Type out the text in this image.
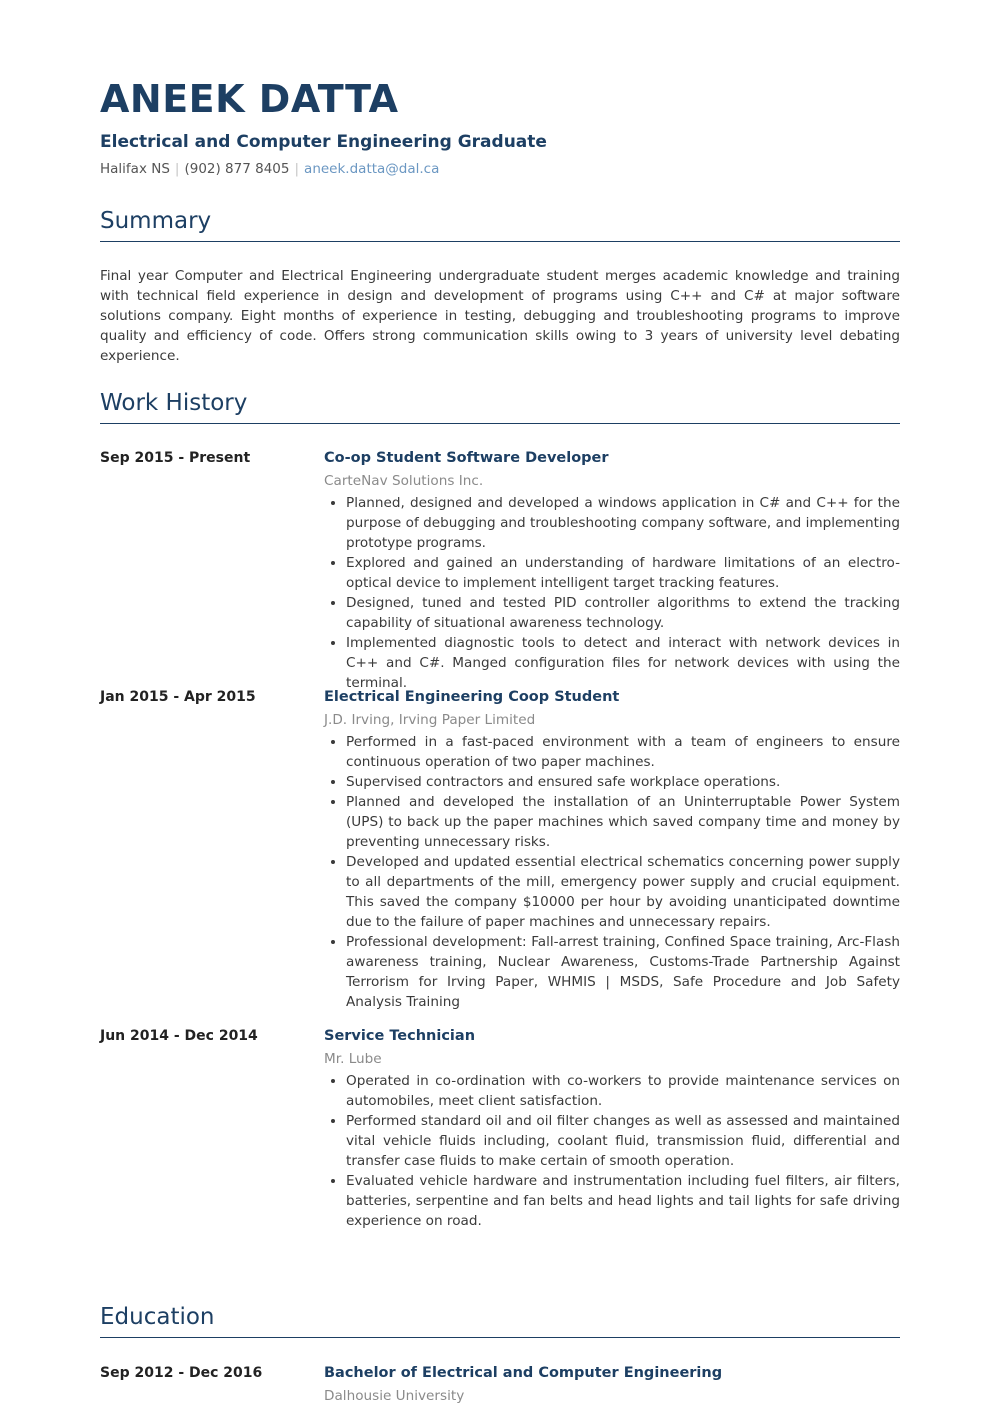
ANEEK DATTA
Electrical and Computer Engineering Graduate
Halifax NS | (902) 877 8405 | aneek.datta@dal.ca
Summary
Final year Computer and Electrical Engineering undergraduate student merges academic knowledge and training with technical field experience in design and development of programs using C++ and C# at major software solutions company. Eight months of experience in testing, debugging and troubleshooting programs to improve quality and efficiency of code. Offers strong communication skills owing to 3 years of university level debating experience.
Work History
Sep 2015 - Present	Co-op Student Software Developer
CarteNav Solutions Inc.
• Planned, designed and developed a windows application in C# and C++ for the purpose of debugging and troubleshooting company software, and implementing prototype programs.
• Explored and gained an understanding of hardware limitations of an electro-optical device to implement intelligent target tracking features.
• Designed, tuned and tested PID controller algorithms to extend the tracking capability of situational awareness technology.
• Implemented diagnostic tools to detect and interact with network devices in C++ and C#. Manged configuration files for network devices with using the terminal.
Jan 2015 - Apr 2015	Electrical Engineering Coop Student
J.D. Irving, Irving Paper Limited
• Performed in a fast-paced environment with a team of engineers to ensure continuous operation of two paper machines.
• Supervised contractors and ensured safe workplace operations.
• Planned and developed the installation of an Uninterruptable Power System (UPS) to back up the paper machines which saved company time and money by preventing unnecessary risks.
• Developed and updated essential electrical schematics concerning power supply to all departments of the mill, emergency power supply and crucial equipment. This saved the company $10000 per hour by avoiding unanticipated downtime due to the failure of paper machines and unnecessary repairs.
• Professional development: Fall-arrest training, Confined Space training, Arc-Flash awareness training, Nuclear Awareness, Customs-Trade Partnership Against Terrorism for Irving Paper, WHMIS | MSDS, Safe Procedure and Job Safety Analysis Training
Jun 2014 - Dec 2014	Service Technician
Mr. Lube
• Operated in co-ordination with co-workers to provide maintenance services on automobiles, meet client satisfaction.
• Performed standard oil and oil filter changes as well as assessed and maintained vital vehicle fluids including, coolant fluid, transmission fluid, differential and transfer case fluids to make certain of smooth operation.
• Evaluated vehicle hardware and instrumentation including fuel filters, air filters, batteries, serpentine and fan belts and head lights and tail lights for safe driving experience on road.
Education
Sep 2012 - Dec 2016	Bachelor of Electrical and Computer Engineering
Dalhousie University
